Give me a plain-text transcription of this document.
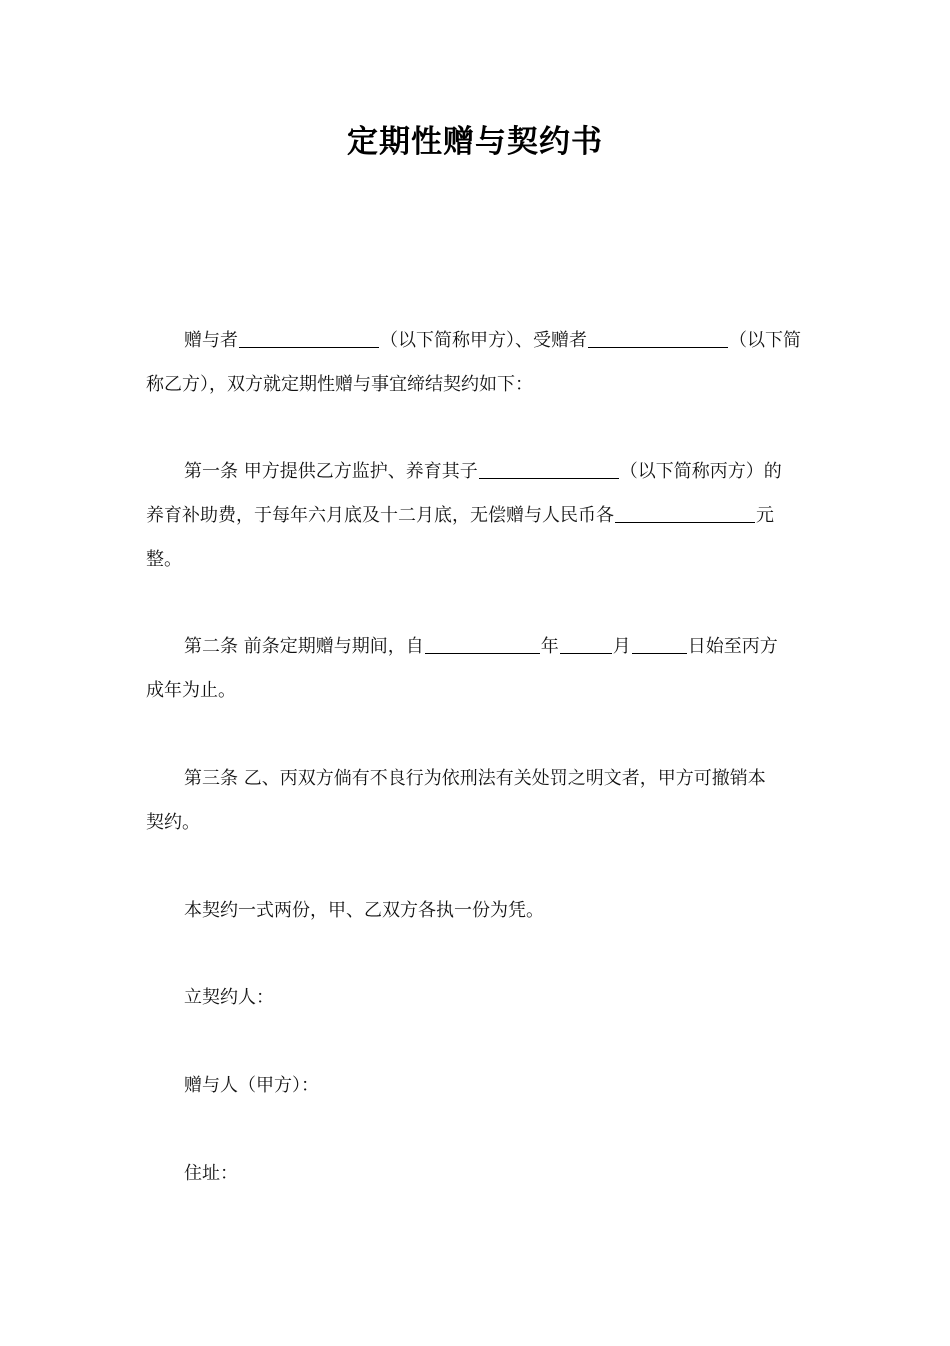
定期性赠与契约书
赠与者	（以下简称甲方）、受赠者	（以下简
称乙方），双方就定期性赠与事宜缔结契约如下：
第一条 甲方提供乙方监护、养育其子	（以下简称丙方）的
养育补助费，于每年六月底及十二月底，无偿赠与人民币各	元
整。
第二条 前条定期赠与期间，自	年	月	日始至丙方
成年为止。
第三条 乙、丙双方倘有不良行为依刑法有关处罚之明文者，甲方可撤销本
契约。
本契约一式两份，甲、乙双方各执一份为凭。
立契约人：
赠与人（甲方）：
住址：
